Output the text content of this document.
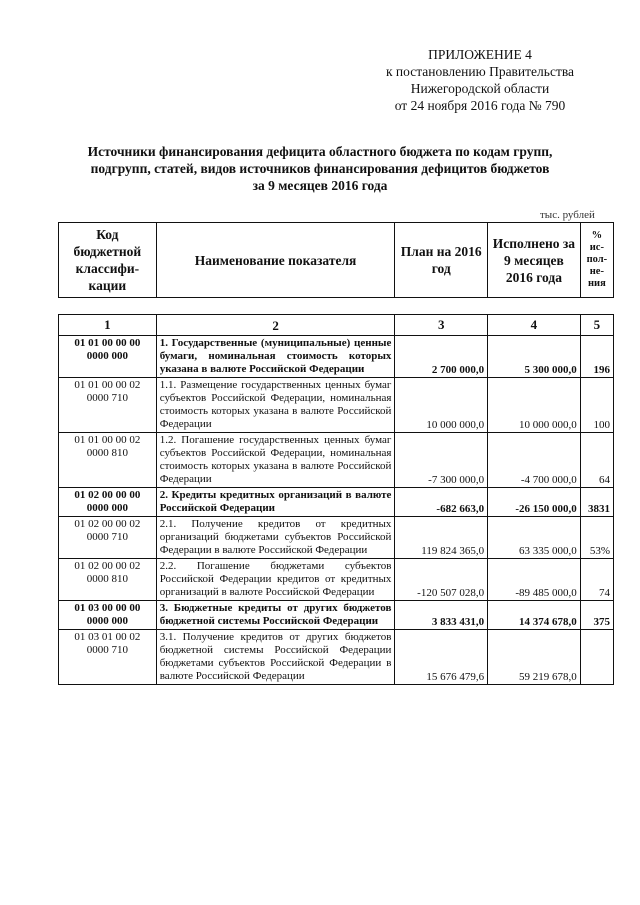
ПРИЛОЖЕНИЕ 4
к постановлению Правительства
Нижегородской области
от 24 ноября 2016 года № 790
Источники финансирования дефицита областного бюджета по кодам групп,
подгрупп, статей, видов источников финансирования дефицитов бюджетов
за 9 месяцев 2016 года
тыс. рублей
Код бюджетной классифи-кации	Наименование показателя	План на 2016 год	Исполнено за 9 месяцев 2016 года	% ис-пол-не-ния
1	2	3	4	5
01 01 00 00 00 0000 000	1. Государственные (муниципальные) ценные бумаги, номинальная стоимость которых указана в валюте Российской Федерации	2 700 000,0	5 300 000,0	196
01 01 00 00 02 0000 710	1.1. Размещение государственных ценных бумаг субъектов Российской Федерации, номинальная стоимость которых указана в валюте Российской Федерации	10 000 000,0	10 000 000,0	100
01 01 00 00 02 0000 810	1.2. Погашение государственных ценных бумаг субъектов Российской Федерации, номинальная стоимость которых указана в валюте Российской Федерации	-7 300 000,0	-4 700 000,0	64
01 02 00 00 00 0000 000	2. Кредиты кредитных организаций в валюте Российской Федерации	-682 663,0	-26 150 000,0	3831
01 02 00 00 02 0000 710	2.1. Получение кредитов от кредитных организаций бюджетами субъектов Российской Федерации в валюте Российской Федерации	119 824 365,0	63 335 000,0	53%
01 02 00 00 02 0000 810	2.2. Погашение бюджетами субъектов Российской Федерации кредитов от кредитных организаций в валюте Российской Федерации	-120 507 028,0	-89 485 000,0	74
01 03 00 00 00 0000 000	3. Бюджетные кредиты от других бюджетов бюджетной системы Российской Федерации	3 833 431,0	14 374 678,0	375
01 03 01 00 02 0000 710	3.1. Получение кредитов от других бюджетов бюджетной системы Российской Федерации бюджетами субъектов Российской Федерации в валюте Российской Федерации	15 676 479,6	59 219 678,0	
